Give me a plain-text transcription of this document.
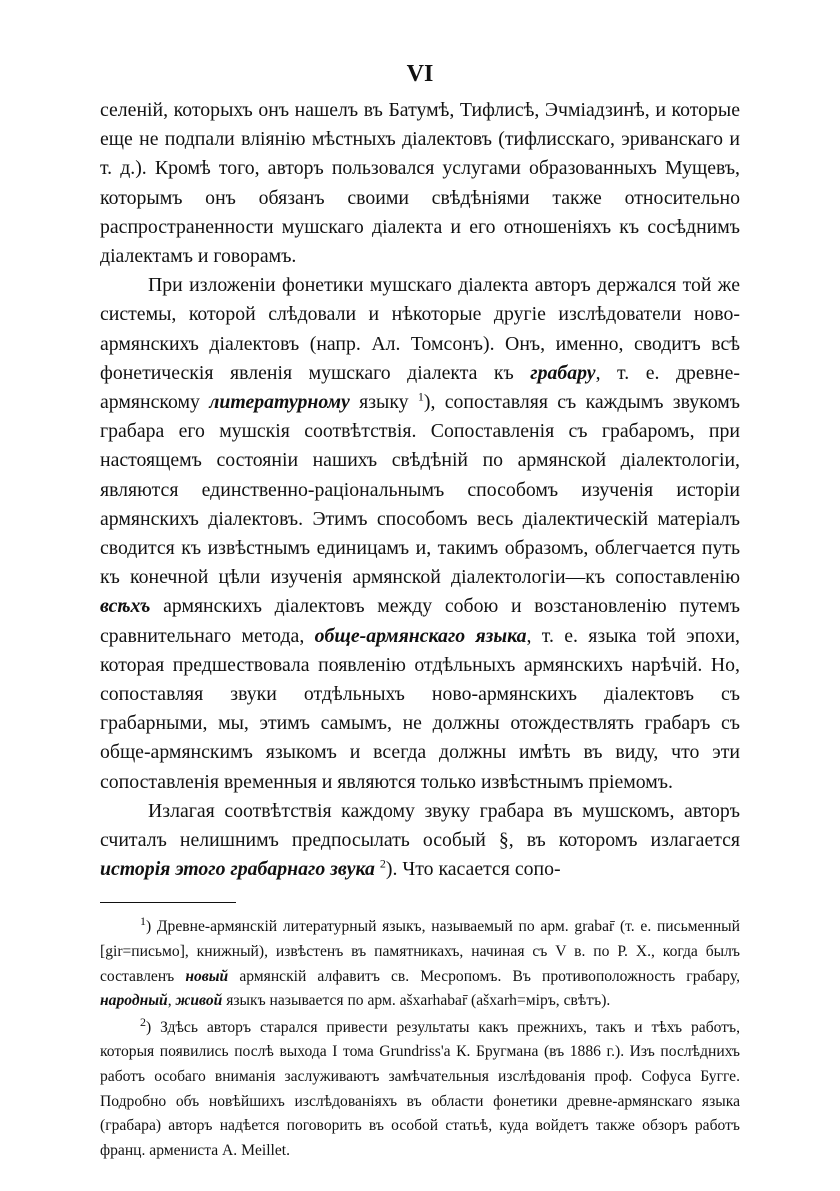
VI

селеній, которыхъ онъ нашелъ въ Батумѣ, Тифлисѣ, Эчміадзинѣ, и которые еще не подпали вліянію мѣстныхъ діалектовъ (тифлисскаго, эриванскаго и т. д.). Кромѣ того, авторъ пользовался услугами образованныхъ Мущевъ, которымъ онъ обязанъ своими свѣдѣніями также относительно распространенности мушскаго діалекта и его отношеніяхъ къ сосѣднимъ діалектамъ и говорамъ.

При изложеніи фонетики мушскаго діалекта авторъ держался той же системы, которой слѣдовали и нѣкоторые другіе изслѣдователи ново-армянскихъ діалектовъ (напр. Ал. Томсонъ). Онъ, именно, сводитъ всѣ фонетическія явленія мушскаго діалекта къ грабару, т. е. древне-армянскому литературному языку $^1$), сопоставляя съ каждымъ звукомъ грабара его мушскія соотвѣтствія. Сопоставленія съ грабаромъ, при настоящемъ состояніи нашихъ свѣдѣній по армянской діалектологіи, являются единственно-раціональнымъ способомъ изученія исторіи армянскихъ діалектовъ. Этимъ способомъ весь діалектическій матеріалъ сводится къ извѣстнымъ единицамъ и, такимъ образомъ, облегчается путь къ конечной цѣли изученія армянской діалектологіи—къ сопоставленію всѣхъ армянскихъ діалектовъ между собою и возстановленію путемъ сравнительнаго метода, обще-армянскаго языка, т. е. языка той эпохи, которая предшествовала появленію отдѣльныхъ армянскихъ нарѣчій. Но, сопоставляя звуки отдѣльныхъ ново-армянскихъ діалектовъ съ грабарными, мы, этимъ самымъ, не должны отождествлять грабаръ съ обще-армянскимъ языкомъ и всегда должны имѣть въ виду, что эти сопоставленія временныя и являются только извѣстнымъ пріемомъ.

Излагая соотвѣтствія каждому звуку грабара въ мушскомъ, авторъ считалъ нелишнимъ предпосылать особый §, въ которомъ излагается исторія этого грабарнаго звука $^2$). Что касается сопо-

$^1$) Древне-армянскій литературный языкъ, называемый по арм. grabar̄ (т. е. письменный [gir=письмо], книжный), извѣстенъ въ памятникахъ, начиная съ V в. по Р. Х., когда былъ составленъ новый армянскій алфавитъ св. Месропомъ. Въ противоположность грабару, народный, живой языкъ называется по арм. ašxarhabar̄ (ašxarh=міръ, свѣтъ).

$^2$) Здѣсь авторъ старался привести результаты какъ прежнихъ, такъ и тѣхъ работъ, которыя появились послѣ выхода I тома Grundriss'a К. Бругмана (въ 1886 г.). Изъ послѣднихъ работъ особаго вниманія заслуживаютъ замѣчательныя изслѣдованія проф. Софуса Бугге. Подробно объ новѣйшихъ изслѣдованіяхъ въ области фонетики древне-армянскаго языка (грабара) авторъ надѣется поговорить въ особой статьѣ, куда войдетъ также обзоръ работъ франц. армениста А. Meillet.
